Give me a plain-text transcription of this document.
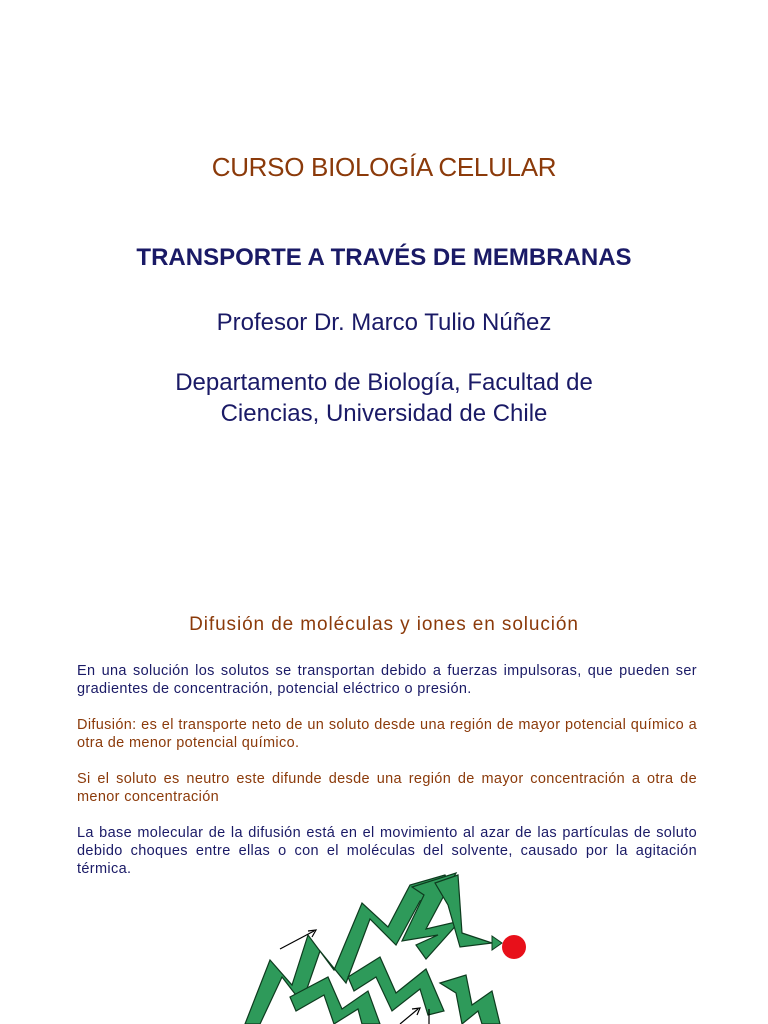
CURSO BIOLOGÍA CELULAR
TRANSPORTE A TRAVÉS DE MEMBRANAS
Profesor Dr. Marco Tulio Núñez
Departamento de Biología, Facultad de
Ciencias, Universidad de Chile
Difusión de moléculas y iones en solución
En una solución los solutos se transportan debido a fuerzas impulsoras, que pueden ser gradientes de concentración, potencial eléctrico o presión.
Difusión: es el transporte neto de un soluto desde una región de mayor potencial químico a otra de menor potencial químico.
Si el soluto es neutro este difunde desde una región de mayor concentración a otra de menor concentración
La base molecular de la difusión está en el movimiento al azar de las partículas de soluto debido choques entre ellas o con el moléculas del solvente, causado por la agitación térmica.
